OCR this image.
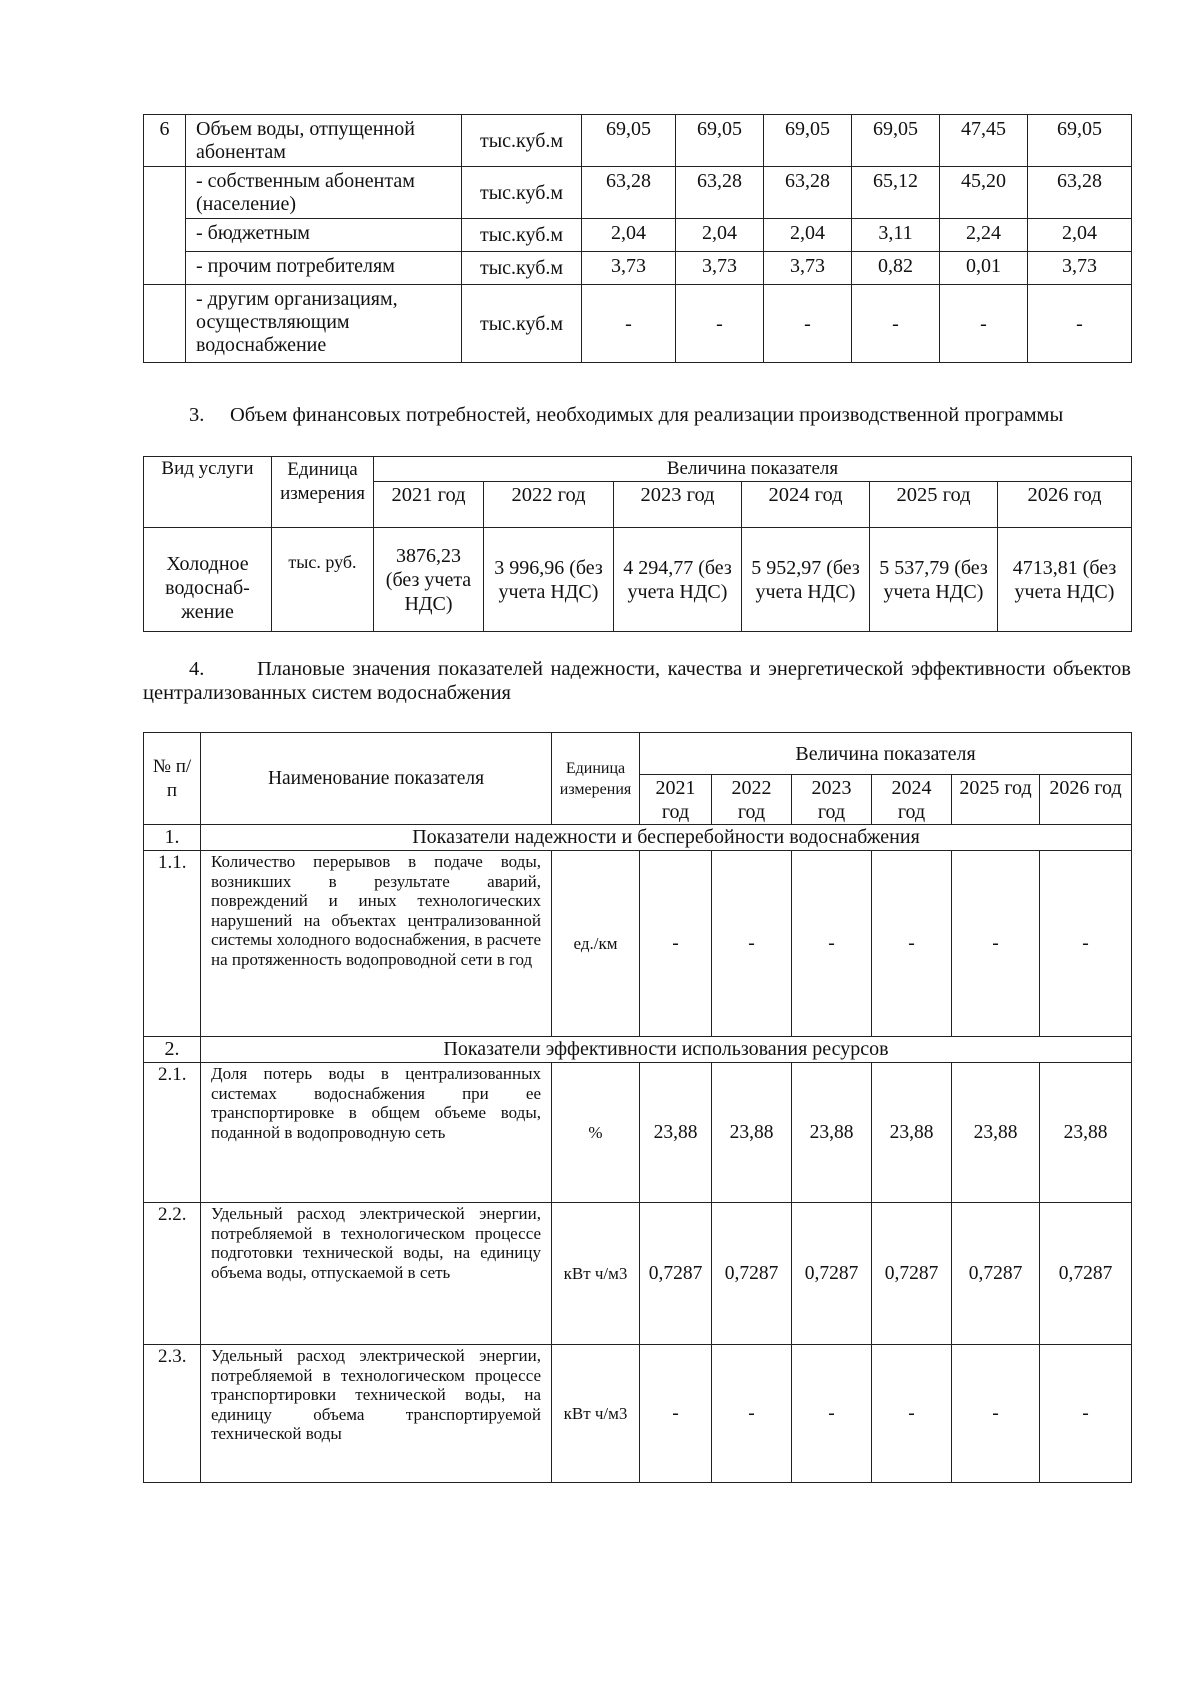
6	Объем воды, отпущенной абонентам	тыс.куб.м	69,05	69,05	69,05	69,05	47,45	69,05
	- собственным абонентам (население)	тыс.куб.м	63,28	63,28	63,28	65,12	45,20	63,28
	- бюджетным	тыс.куб.м	2,04	2,04	2,04	3,11	2,24	2,04
	- прочим потребителям	тыс.куб.м	3,73	3,73	3,73	0,82	0,01	3,73
	- другим организациям, осуществляющим водоснабжение	тыс.куб.м	-	-	-	-	-	-
3. Объем финансовых потребностей, необходимых для реализации производственной программы
Вид услуги	Единица измерения	Величина показателя					
		2021 год	2022 год	2023 год	2024 год	2025 год	2026 год
Холодное водоснаб-жение	тыс. руб.	3876,23 (без учета НДС)	3 996,96 (без учета НДС)	4 294,77 (без учета НДС)	5 952,97 (без учета НДС)	5 537,79 (без учета НДС)	4713,81 (без учета НДС)
4.	Плановые значения показателей надежности, качества и энергетической эффективности объектов централизованных систем водоснабжения
№ п/п	Наименование показателя	Единица измерения	Величина показателя					
			2021 год	2022 год	2023 год	2024 год	2025 год	2026 год
1.	Показатели надежности и бесперебойности водоснабжения							
1.1.	Количество перерывов в подаче воды, возникших в результате аварий, повреждений и иных технологических нарушений на объектах централизованной системы холодного водоснабжения, в расчете на протяженность водопроводной сети в год	ед./км	-	-	-	-	-	-
2.	Показатели эффективности использования ресурсов							
2.1.	Доля потерь воды в централизованных системах водоснабжения при ее транспортировке в общем объеме воды, поданной в водопроводную сеть	%	23,88	23,88	23,88	23,88	23,88	23,88
2.2.	Удельный расход электрической энергии, потребляемой в технологическом процессе подготовки технической воды, на единицу объема воды, отпускаемой в сеть	кВт ч/м3	0,7287	0,7287	0,7287	0,7287	0,7287	0,7287
2.3.	Удельный расход электрической энергии, потребляемой в технологическом процессе транспортировки технической воды, на единицу объема транспортируемой технической воды	кВт ч/м3	-	-	-	-	-	-
